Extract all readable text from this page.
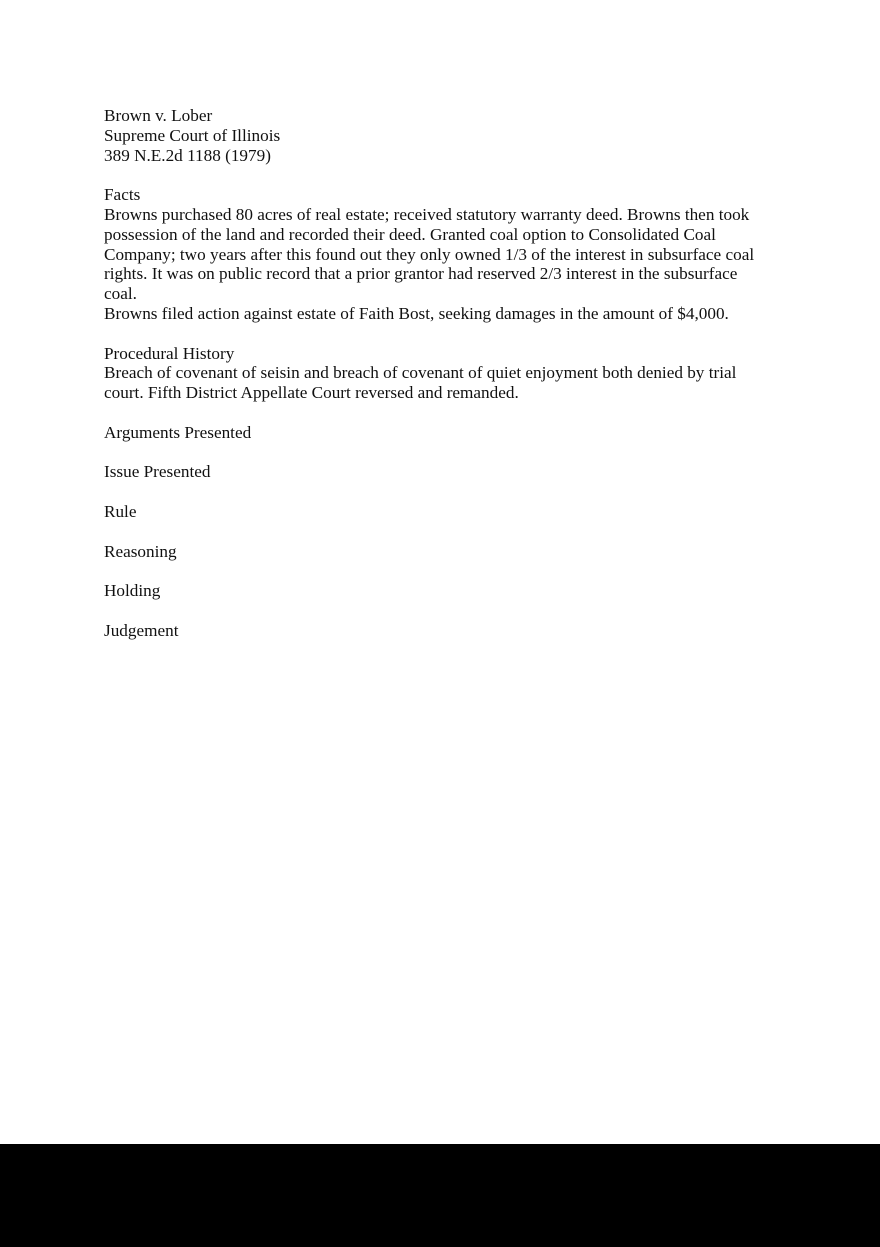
Brown v. Lober

Supreme Court of Illinois

389 N.E.2d 1188 (1979)

Facts

Browns purchased 80 acres of real estate; received statutory warranty deed. Browns then took possession of the land and recorded their deed. Granted coal option to Consolidated Coal Company; two years after this found out they only owned 1/3 of the interest in subsurface coal rights. It was on public record that a prior grantor had reserved 2/3 interest in the subsurface coal.

Browns filed action against estate of Faith Bost, seeking damages in the amount of $4,000.

Procedural History

Breach of covenant of seisin and breach of covenant of quiet enjoyment both denied by trial court. Fifth District Appellate Court reversed and remanded.

Arguments Presented

Issue Presented

Rule

Reasoning

Holding

Judgement
